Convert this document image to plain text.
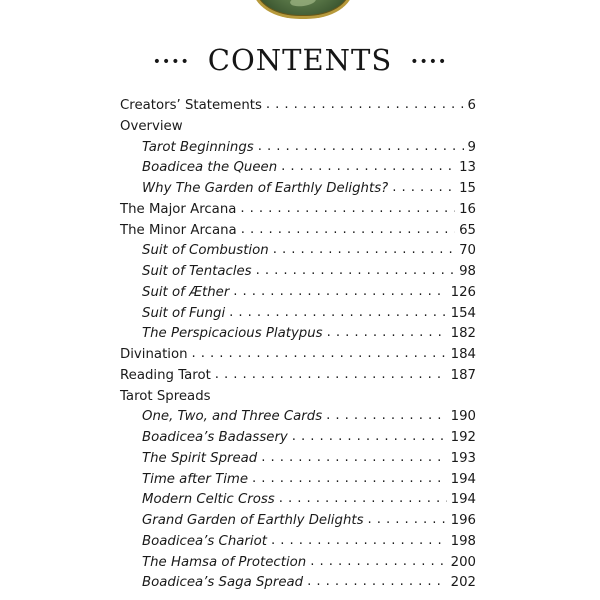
•••• CONTENTS ••••
Creators’ Statements . . .	6
Overview
Tarot Beginnings . . .	9
Boadicea the Queen . . .	13
Why The Garden of Earthly Delights? . . .	15
The Major Arcana . . .	16
The Minor Arcana . . .	65
Suit of Combustion . . .	70
Suit of Tentacles . . .	98
Suit of Æther . . .	126
Suit of Fungi . . .	154
The Perspicacious Platypus . . .	182
Divination . . .	184
Reading Tarot . . .	187
Tarot Spreads
One, Two, and Three Cards . . .	190
Boadicea’s Badassery . . .	192
The Spirit Spread . . .	193
Time after Time . . .	194
Modern Celtic Cross . . .	194
Grand Garden of Earthly Delights . . .	196
Boadicea’s Chariot . . .	198
The Hamsa of Protection . . .	200
Boadicea’s Saga Spread . . .	202
